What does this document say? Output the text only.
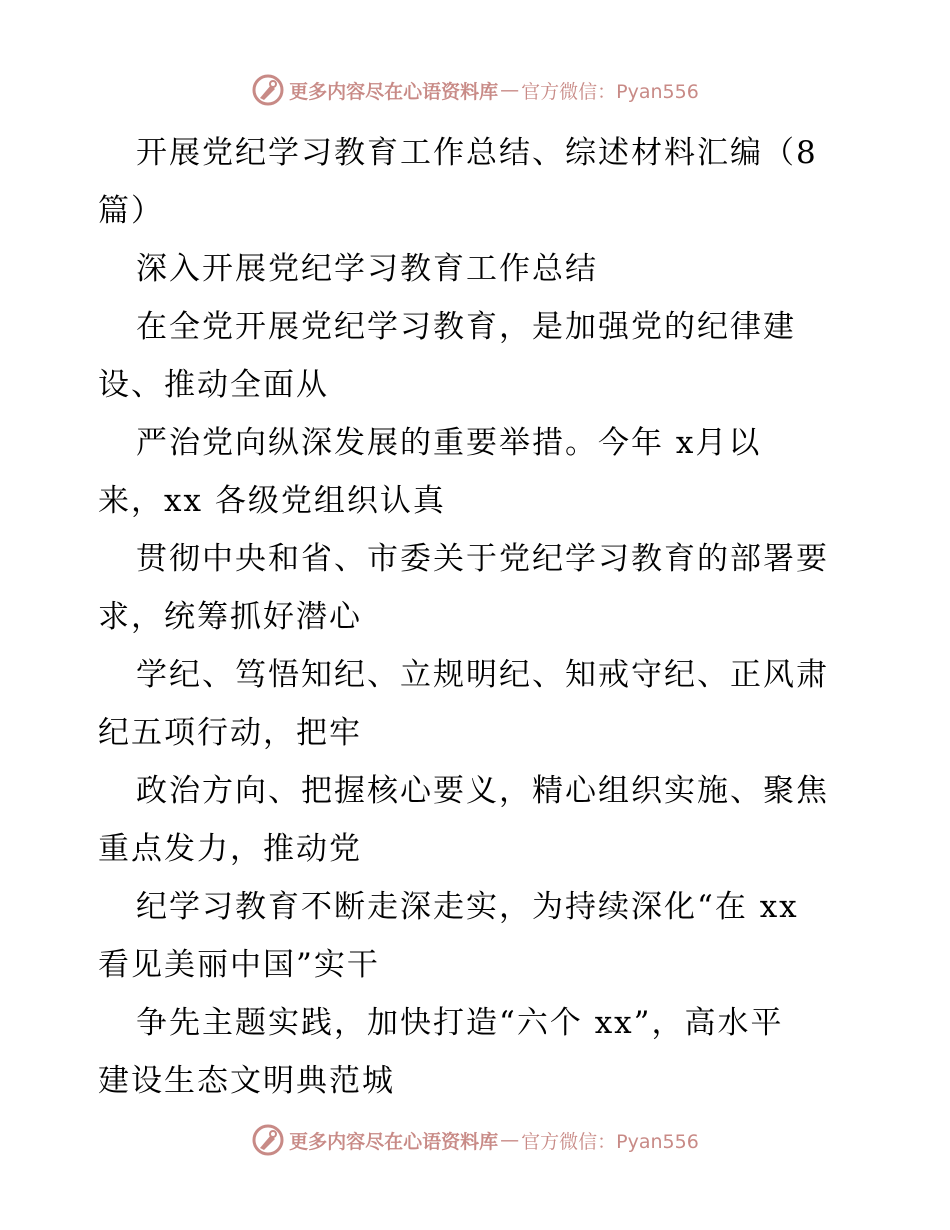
更多内容尽在心语资料库 — 官方微信：Pyan556

开展党纪学习教育工作总结、综述材料汇编（8
篇）

深入开展党纪学习教育工作总结

在全党开展党纪学习教育，是加强党的纪律建
设、推动全面从

严治党向纵深发展的重要举措。今年 x月以
来，xx 各级党组织认真

贯彻中央和省、市委关于党纪学习教育的部署要
求，统筹抓好潜心

学纪、笃悟知纪、立规明纪、知戒守纪、正风肃
纪五项行动，把牢

政治方向、把握核心要义，精心组织实施、聚焦
重点发力，推动党

纪学习教育不断走深走实，为持续深化“在 xx
看见美丽中国”实干

争先主题实践，加快打造“六个 xx”，高水平
建设生态文明典范城

更多内容尽在心语资料库 — 官方微信：Pyan556
